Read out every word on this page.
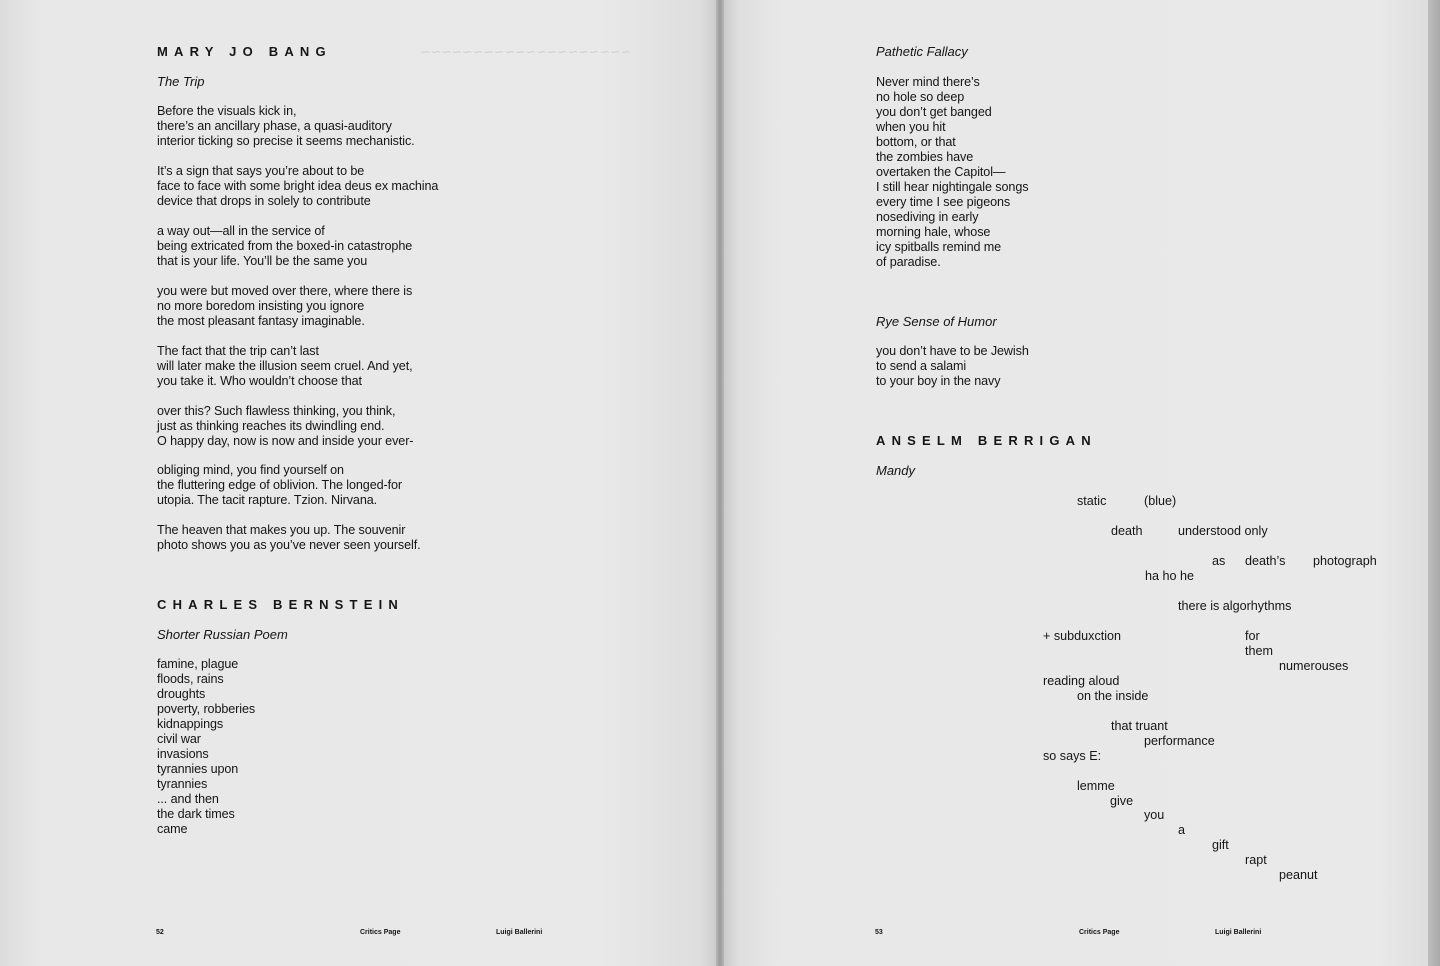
∼∼∼∼∼∼∼∼∼∼∼∼∼∼∼∼∼∼∼∼
MARY JO BANG
The Trip
Before the visuals kick in,
there’s an ancillary phase, a quasi-auditory
interior ticking so precise it seems mechanistic.
It’s a sign that says you’re about to be
face to face with some bright idea deus ex machina
device that drops in solely to contribute
a way out—all in the service of
being extricated from the boxed-in catastrophe
that is your life. You’ll be the same you
you were but moved over there, where there is
no more boredom insisting you ignore
the most pleasant fantasy imaginable.
The fact that the trip can’t last
will later make the illusion seem cruel. And yet,
you take it. Who wouldn’t choose that
over this? Such flawless thinking, you think,
just as thinking reaches its dwindling end.
O happy day, now is now and inside your ever-
obliging mind, you find yourself on
the fluttering edge of oblivion. The longed-for
utopia. The tacit rapture. Tzion. Nirvana.
The heaven that makes you up. The souvenir
photo shows you as you’ve never seen yourself.
CHARLES BERNSTEIN
Shorter Russian Poem
famine, plague
floods, rains
droughts
poverty, robberies
kidnappings
civil war
invasions
tyrannies upon
tyrannies
... and then
the dark times
came
52	Critics Page	Luigi Ballerini
Pathetic Fallacy
Never mind there’s
no hole so deep
you don’t get banged
when you hit
bottom, or that
the zombies have
overtaken the Capitol—
I still hear nightingale songs
every time I see pigeons
nosediving in early
morning hale, whose
icy spitballs remind me
of paradise.
Rye Sense of Humor
you don’t have to be Jewish
to send a salami
to your boy in the navy
ANSELM BERRIGAN
Mandy
static	(blue)
death	understood only
as death’s photograph
ha ho he
there is algorhythms
+ subduxction	for
them
numerouses
reading aloud
on the inside
that truant
performance
so says E:
lemme
give
you
a
gift
rapt
peanut
53	Critics Page	Luigi Ballerini
